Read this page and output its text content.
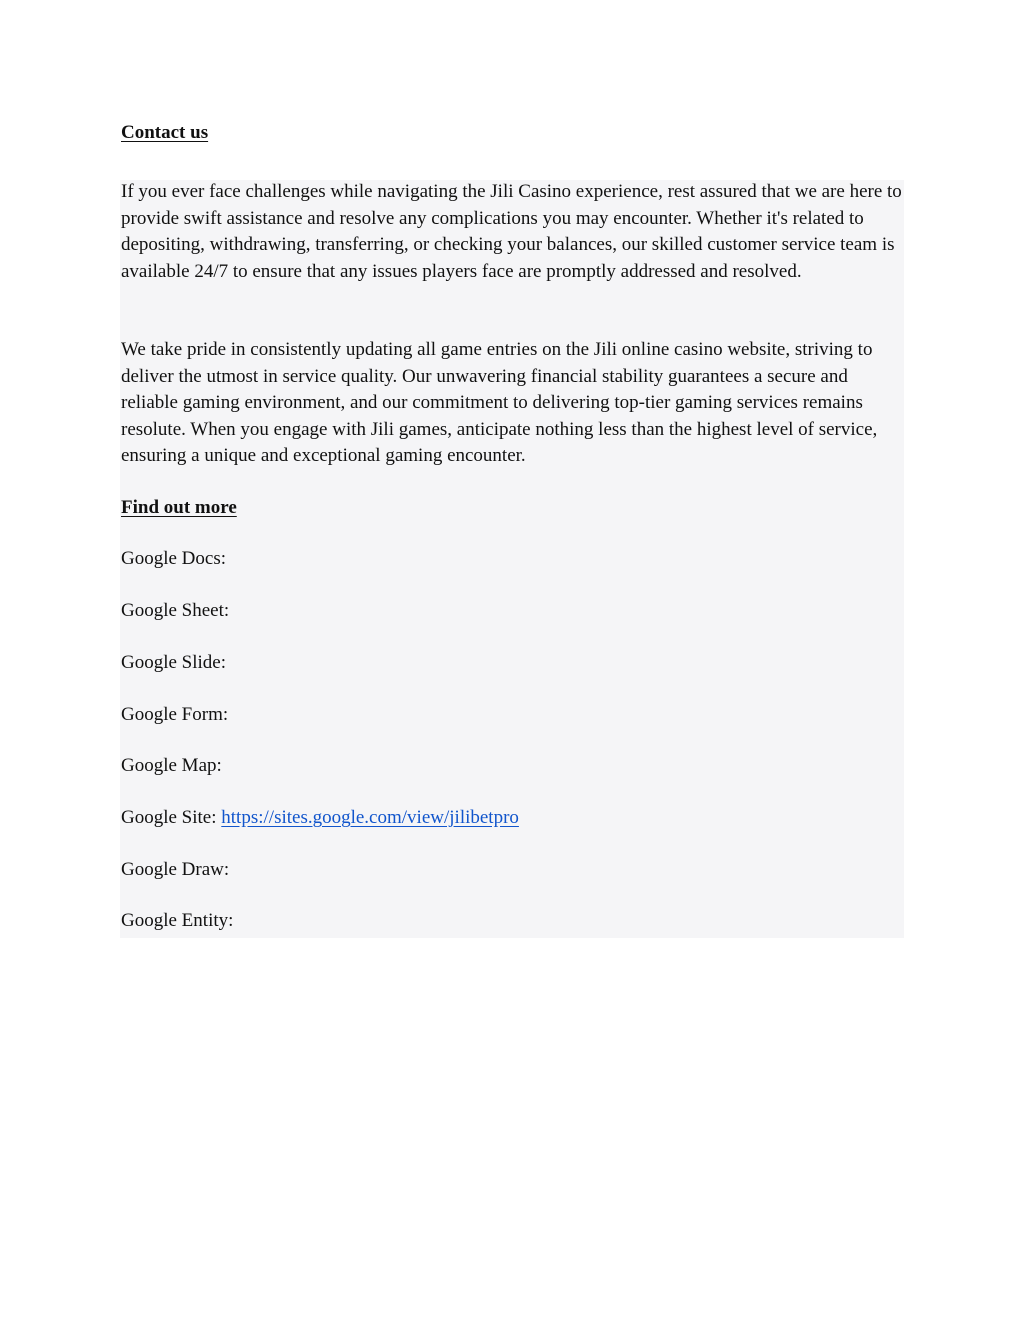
Contact us

If you ever face challenges while navigating the Jili Casino experience, rest assured that we are here to provide swift assistance and resolve any complications you may encounter. Whether it's related to depositing, withdrawing, transferring, or checking your balances, our skilled customer service team is available 24/7 to ensure that any issues players face are promptly addressed and resolved.

We take pride in consistently updating all game entries on the Jili online casino website, striving to deliver the utmost in service quality. Our unwavering financial stability guarantees a secure and reliable gaming environment, and our commitment to delivering top-tier gaming services remains resolute. When you engage with Jili games, anticipate nothing less than the highest level of service, ensuring a unique and exceptional gaming encounter.

Find out more

Google Docs:

Google Sheet:

Google Slide:

Google Form:

Google Map:

Google Site: https://sites.google.com/view/jilibetpro

Google Draw:

Google Entity:
